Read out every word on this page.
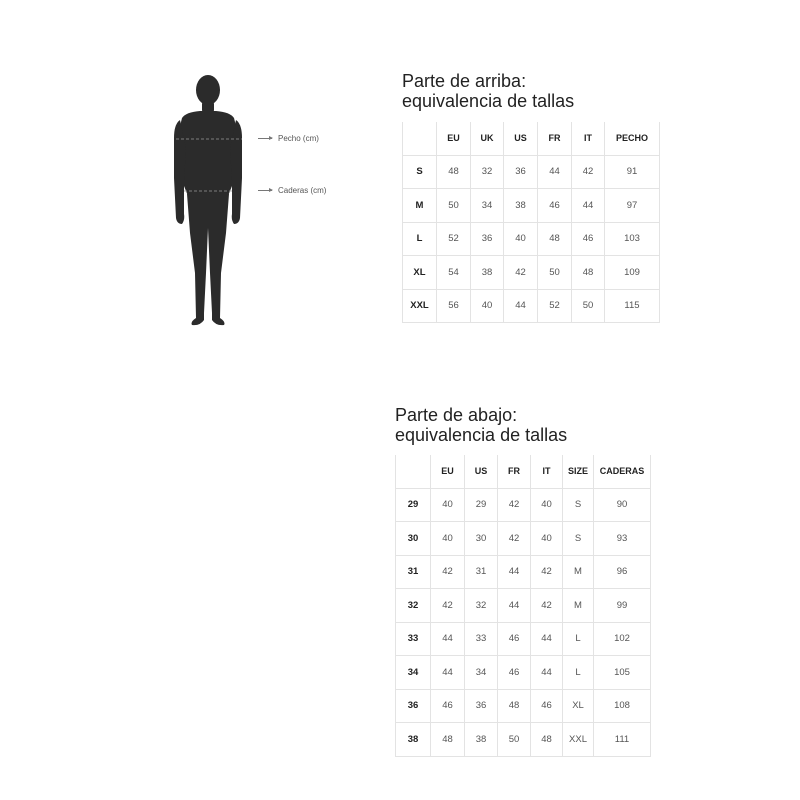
Pecho (cm)
Caderas (cm)
Parte de arriba:
equivalencia de tallas
	EU	UK	US	FR	IT	PECHO
S	48	32	36	44	42	91
M	50	34	38	46	44	97
L	52	36	40	48	46	103
XL	54	38	42	50	48	109
XXL	56	40	44	52	50	115
Parte de abajo:
equivalencia de tallas
	EU	US	FR	IT	SIZE	CADERAS
29	40	29	42	40	S	90
30	40	30	42	40	S	93
31	42	31	44	42	M	96
32	42	32	44	42	M	99
33	44	33	46	44	L	102
34	44	34	46	44	L	105
36	46	36	48	46	XL	108
38	48	38	50	48	XXL	111
